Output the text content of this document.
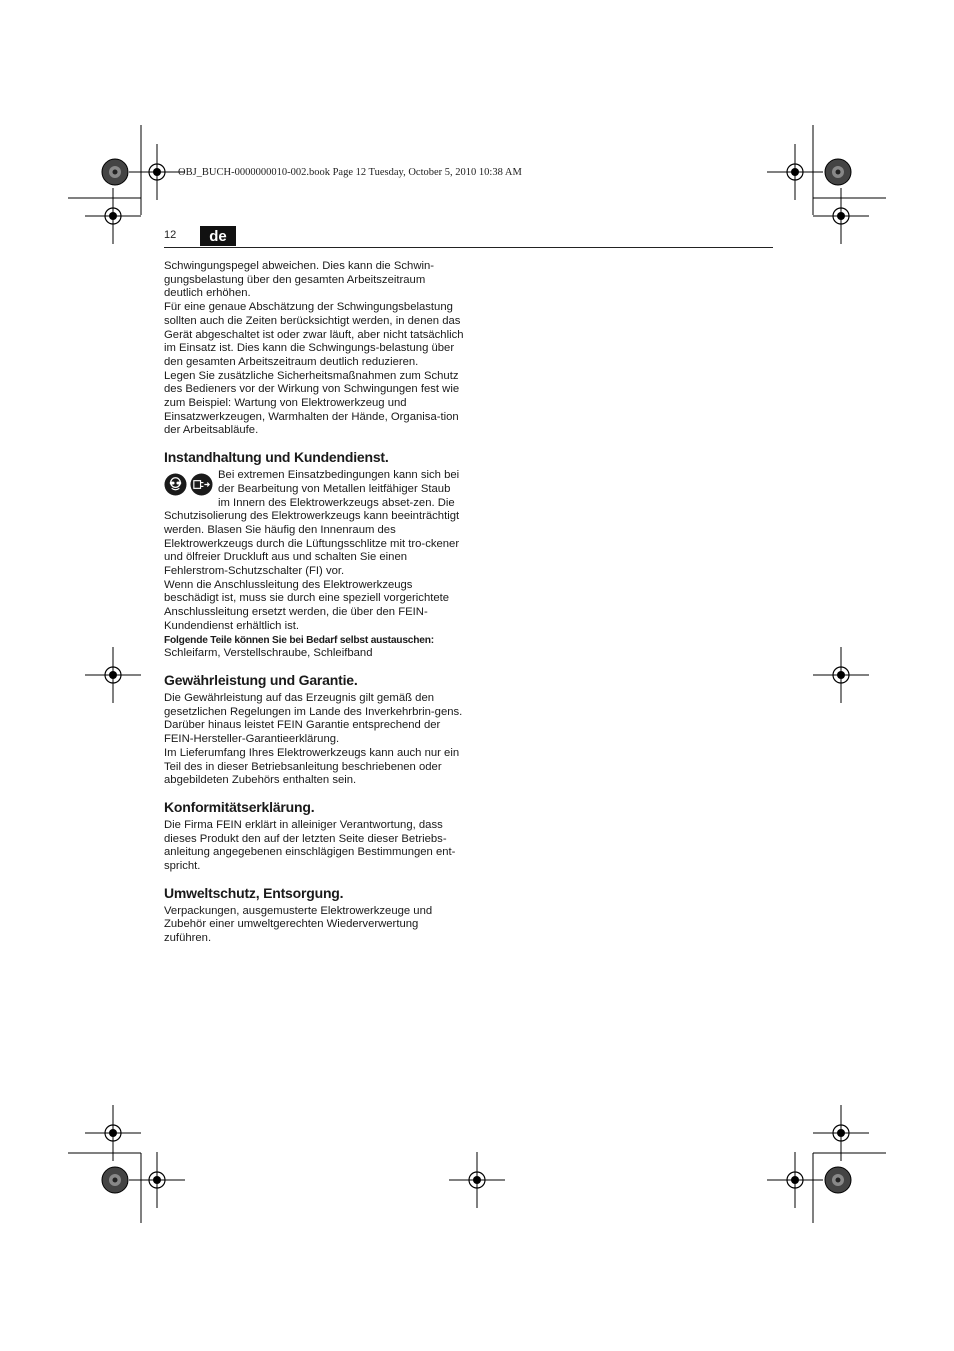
OBJ_BUCH-0000000010-002.book Page 12 Tuesday, October 5, 2010 10:38 AM

12	de

Schwingungspegel abweichen. Dies kann die Schwin-gungsbelastung über den gesamten Arbeitszeitraum deutlich erhöhen.

Für eine genaue Abschätzung der Schwingungsbelastung sollten auch die Zeiten berücksichtigt werden, in denen das Gerät abgeschaltet ist oder zwar läuft, aber nicht tatsächlich im Einsatz ist. Dies kann die Schwingungs-belastung über den gesamten Arbeitszeitraum deutlich reduzieren.

Legen Sie zusätzliche Sicherheitsmaßnahmen zum Schutz des Bedieners vor der Wirkung von Schwingungen fest wie zum Beispiel: Wartung von Elektrowerkzeug und Einsatzwerkzeugen, Warmhalten der Hände, Organisa-tion der Arbeitsabläufe.

Instandhaltung und Kundendienst.
Bei extremen Einsatzbedingungen kann sich bei der Bearbeitung von Metallen leitfähiger Staub im Innern des Elektrowerkzeugs abset-zen. Die Schutzisolierung des Elektrowerkzeugs kann beeinträchtigt werden. Blasen Sie häufig den Innenraum des Elektrowerkzeugs durch die Lüftungsschlitze mit tro-ckener und ölfreier Druckluft aus und schalten Sie einen Fehlerstrom-Schutzschalter (FI) vor.

Wenn die Anschlussleitung des Elektrowerkzeugs beschädigt ist, muss sie durch eine speziell vorgerichtete Anschlussleitung ersetzt werden, die über den FEIN-Kundendienst erhältlich ist.

Folgende Teile können Sie bei Bedarf selbst austauschen:

Schleifarm, Verstellschraube, Schleifband

Gewährleistung und Garantie.

Die Gewährleistung auf das Erzeugnis gilt gemäß den gesetzlichen Regelungen im Lande des Inverkehrbrin-gens. Darüber hinaus leistet FEIN Garantie entsprechend der FEIN-Hersteller-Garantieerklärung.

Im Lieferumfang Ihres Elektrowerkzeugs kann auch nur ein Teil des in dieser Betriebsanleitung beschriebenen oder abgebildeten Zubehörs enthalten sein.

Konformitätserklärung.

Die Firma FEIN erklärt in alleiniger Verantwortung, dass dieses Produkt den auf der letzten Seite dieser Betriebs-anleitung angegebenen einschlägigen Bestimmungen ent-spricht.

Umweltschutz, Entsorgung.

Verpackungen, ausgemusterte Elektrowerkzeuge und Zubehör einer umweltgerechten Wiederverwertung zuführen.
